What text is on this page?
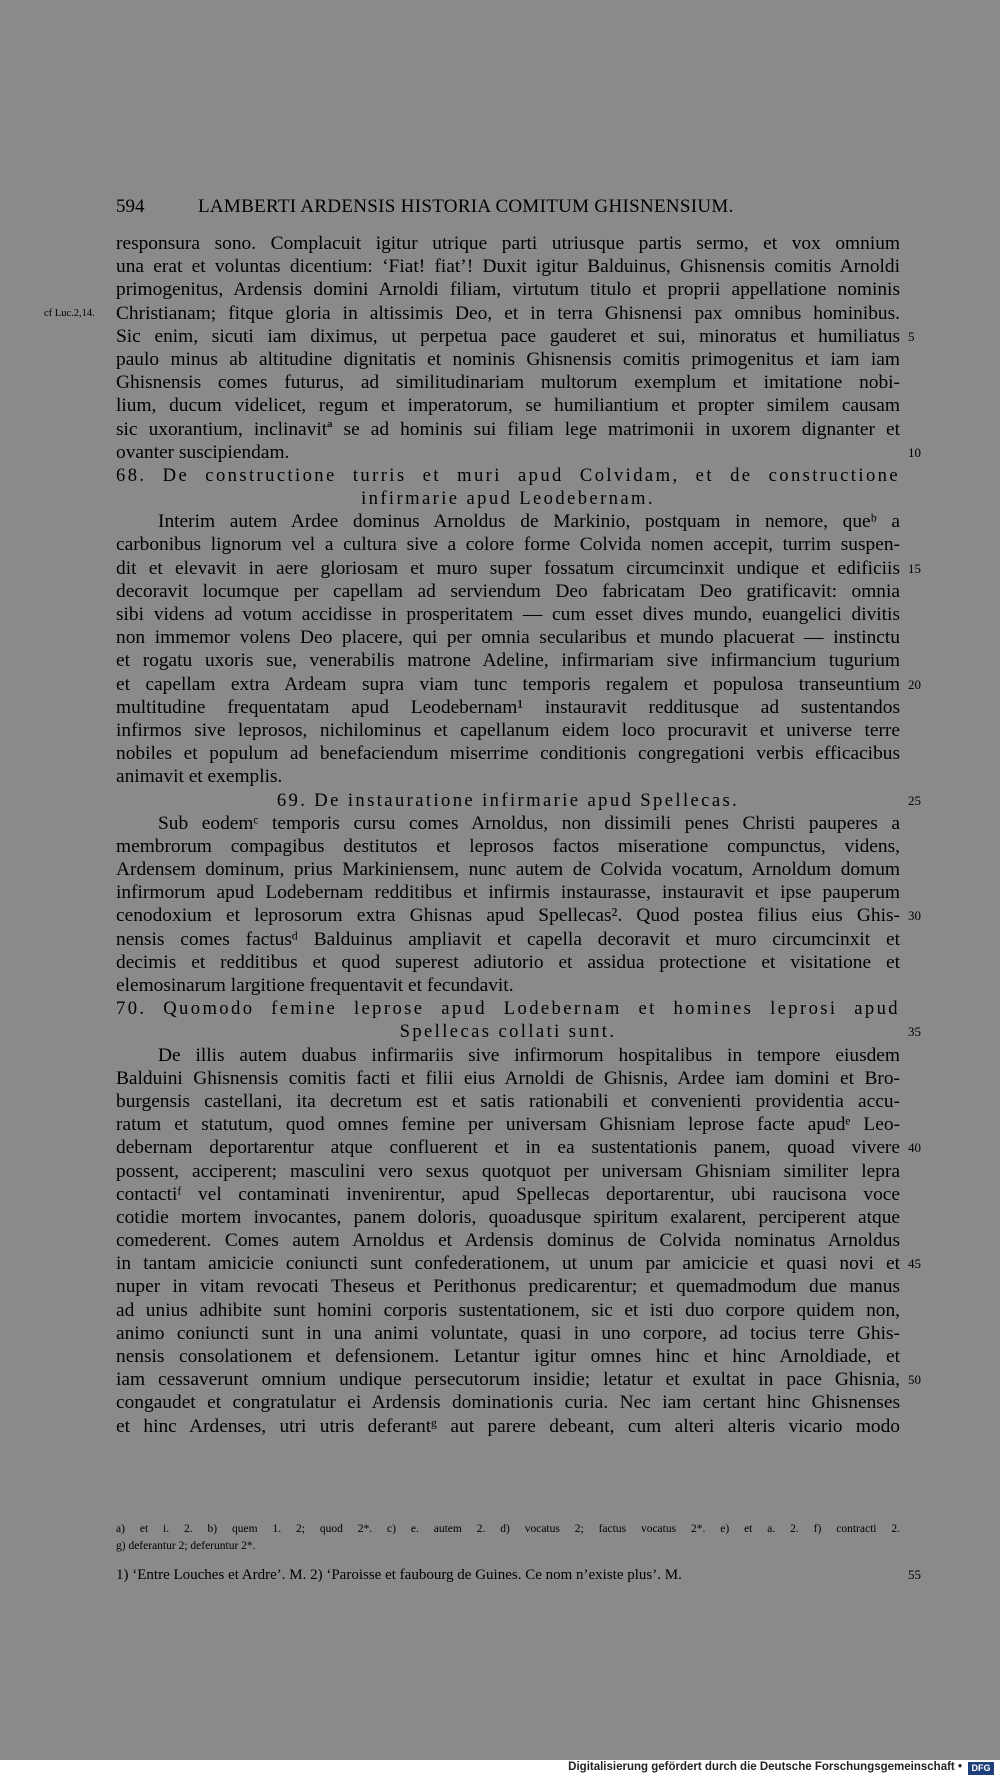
594	LAMBERTI ARDENSIS HISTORIA COMITUM GHISNENSIUM.
responsura sono. Complacuit igitur utrique parti utriusque partis sermo, et vox omnium
una erat et voluntas dicentium: ‘Fiat! fiat’! Duxit igitur Balduinus, Ghisnensis comitis Arnoldi
primogenitus, Ardensis domini Arnoldi filiam, virtutum titulo et proprii appellatione nominis
Christianam; fitque gloria in altissimis Deo, et in terra Ghisnensi pax omnibus hominibus.
cf Luc.2,14.
Sic enim, sicuti iam diximus, ut perpetua pace gauderet et sui, minoratus et humiliatus 5
paulo minus ab altitudine dignitatis et nominis Ghisnensis comitis primogenitus et iam iam
Ghisnensis comes futurus, ad similitudinariam multorum exemplum et imitatione nobi-
lium, ducum videlicet, regum et imperatorum, se humiliantium et propter similem causam
sic uxorantium, inclinavitª se ad hominis sui filiam lege matrimonii in uxorem dignanter et
ovanter suscipiendam.	10
68. De constructione turris et muri apud Colvidam, et de constructione
infirmarie apud Leodebernam.
Interim autem Ardee dominus Arnoldus de Markinio, postquam in nemore, queᵇ a
carbonibus lignorum vel a cultura sive a colore forme Colvida nomen accepit, turrim suspen-
dit et elevavit in aere gloriosam et muro super fossatum circumcinxit undique et edificiis 15
decoravit locumque per capellam ad serviendum Deo fabricatam Deo gratificavit: omnia
sibi videns ad votum accidisse in prosperitatem — cum esset dives mundo, euangelici divitis
non immemor volens Deo placere, qui per omnia secularibus et mundo placuerat — instinctu
et rogatu uxoris sue, venerabilis matrone Adeline, infirmariam sive infirmancium tugurium
et capellam extra Ardeam supra viam tunc temporis regalem et populosa transeuntium 20
multitudine frequentatam apud Leodebernam¹ instauravit redditusque ad sustentandos
infirmos sive leprosos, nichilominus et capellanum eidem loco procuravit et universe terre
nobiles et populum ad benefaciendum miserrime conditionis congregationi verbis efficacibus
animavit et exemplis.
69. De instauratione infirmarie apud Spellecas.	25
Sub eodemᶜ temporis cursu comes Arnoldus, non dissimili penes Christi pauperes a
membrorum compagibus destitutos et leprosos factos miseratione compunctus, videns,
Ardensem dominum, prius Markiniensem, nunc autem de Colvida vocatum, Arnoldum domum
infirmorum apud Lodebernam redditibus et infirmis instaurasse, instauravit et ipse pauperum
cenodoxium et leprosorum extra Ghisnas apud Spellecas². Quod postea filius eius Ghis- 30
nensis comes factusᵈ Balduinus ampliavit et capella decoravit et muro circumcinxit et
decimis et redditibus et quod superest adiutorio et assidua protectione et visitatione et
elemosinarum largitione frequentavit et fecundavit.
70. Quomodo femine leprose apud Lodebernam et homines leprosi apud
Spellecas collati sunt.	35
De illis autem duabus infirmariis sive infirmorum hospitalibus in tempore eiusdem
Balduini Ghisnensis comitis facti et filii eius Arnoldi de Ghisnis, Ardee iam domini et Bro-
burgensis castellani, ita decretum est et satis rationabili et convenienti providentia accu-
ratum et statutum, quod omnes femine per universam Ghisniam leprose facte apudᵉ Leo-
debernam deportarentur atque confluerent et in ea sustentationis panem, quoad vivere 40
possent, acciperent; masculini vero sexus quotquot per universam Ghisniam similiter lepra
contactiᶠ vel contaminati invenirentur, apud Spellecas deportarentur, ubi raucisona voce
cotidie mortem invocantes, panem doloris, quoadusque spiritum exalarent, perciperent atque
comederent. Comes autem Arnoldus et Ardensis dominus de Colvida nominatus Arnoldus
in tantam amicicie coniuncti sunt confederationem, ut unum par amicicie et quasi novi et 45
nuper in vitam revocati Theseus et Perithonus predicarentur; et quemadmodum due manus
ad unius adhibite sunt homini corporis sustentationem, sic et isti duo corpore quidem non,
animo coniuncti sunt in una animi voluntate, quasi in uno corpore, ad tocius terre Ghis-
nensis consolationem et defensionem. Letantur igitur omnes hinc et hinc Arnoldiade, et
iam cessaverunt omnium undique persecutorum insidie; letatur et exultat in pace Ghisnia, 50
congaudet et congratulatur ei Ardensis dominationis curia. Nec iam certant hinc Ghisnenses
et hinc Ardenses, utri utris deferantᵍ aut parere debeant, cum alteri alteris vicario modo
a) et i. 2. b) quem 1. 2; quod 2*. c) e. autem 2. d) vocatus 2; factus vocatus 2*. e) et a. 2. f) contracti 2.
g) deferantur 2; deferuntur 2*.
1) ‘Entre Louches et Ardre’. M. 2) ‘Paroisse et faubourg de Guines. Ce nom n’existe plus’. M.	55
Digitalisierung gefördert durch die Deutsche Forschungsgemeinschaft •	DFG
